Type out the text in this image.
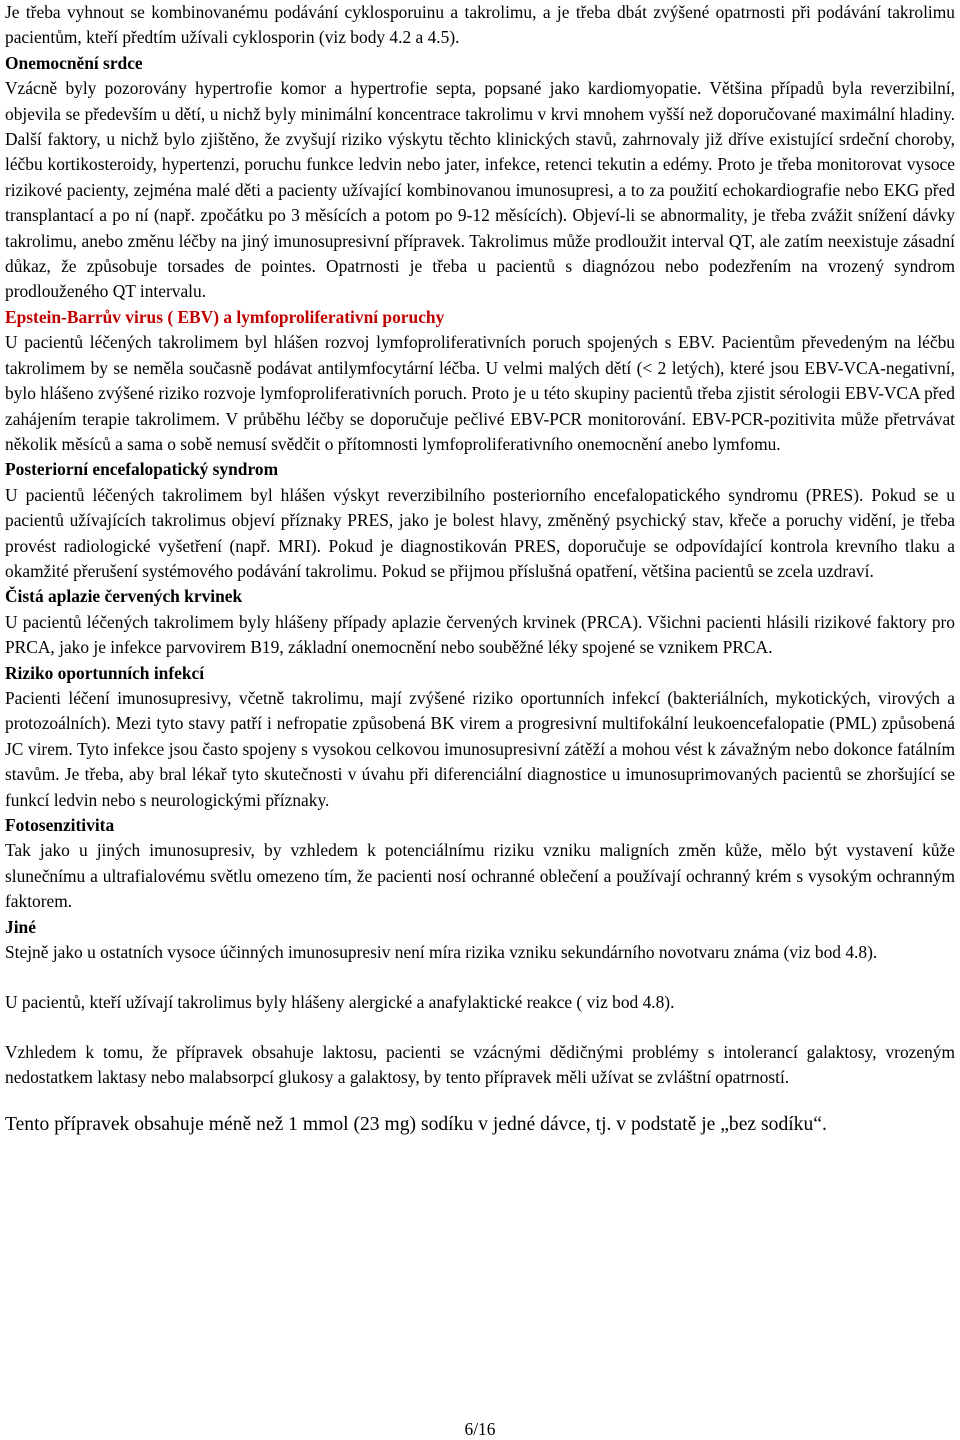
Je třeba vyhnout se kombinovanému podávání cyklosporuinu a takrolimu, a je třeba dbát zvýšené opatrnosti při podávání takrolimu pacientům, kteří předtím užívali cyklosporin (viz body 4.2 a 4.5).

Onemocnění srdce

Vzácně byly pozorovány hypertrofie komor a hypertrofie septa, popsané jako kardiomyopatie. Většina případů byla reverzibilní, objevila se především u dětí, u nichž byly minimální koncentrace takrolimu v krvi mnohem vyšší než doporučované maximální hladiny. Další faktory, u nichž bylo zjištěno, že zvyšují riziko výskytu těchto klinických stavů, zahrnovaly již dříve existující srdeční choroby, léčbu kortikosteroidy, hypertenzi, poruchu funkce ledvin nebo jater, infekce, retenci tekutin a edémy. Proto je třeba monitorovat vysoce rizikové pacienty, zejména malé děti a pacienty užívající kombinovanou imunosupresi, a to za použití echokardiografie nebo EKG před transplantací a po ní (např. zpočátku po 3 měsících a potom po 9-12 měsících). Objeví-li se abnormality, je třeba zvážit snížení dávky takrolimu, anebo změnu léčby na jiný imunosupresivní přípravek. Takrolimus může prodloužit interval QT, ale zatím neexistuje zásadní důkaz, že způsobuje torsades de pointes. Opatrnosti je třeba u pacientů s diagnózou nebo podezřením na vrozený syndrom prodlouženého QT intervalu.

Epstein-Barrův virus ( EBV) a lymfoproliferativní poruchy

U pacientů léčených takrolimem byl hlášen rozvoj lymfoproliferativních poruch spojených s EBV. Pacientům převedeným na léčbu takrolimem by se neměla současně podávat antilymfocytární léčba. U velmi malých dětí (< 2 letých), které jsou EBV-VCA-negativní, bylo hlášeno zvýšené riziko rozvoje lymfoproliferativních poruch. Proto je u této skupiny pacientů třeba zjistit sérologii EBV-VCA před zahájením terapie takrolimem. V průběhu léčby se doporučuje pečlivé EBV-PCR monitorování. EBV-PCR-pozitivita může přetrvávat několik měsíců a sama o sobě nemusí svědčit o přítomnosti lymfoproliferativního onemocnění anebo lymfomu.

Posteriorní encefalopatický syndrom

U pacientů léčených takrolimem byl hlášen výskyt reverzibilního posteriorního encefalopatického syndromu (PRES). Pokud se u pacientů užívajících takrolimus objeví příznaky PRES, jako je bolest hlavy, změněný psychický stav, křeče a poruchy vidění, je třeba provést radiologické vyšetření (např. MRI). Pokud je diagnostikován PRES, doporučuje se odpovídající kontrola krevního tlaku a okamžité přerušení systémového podávání takrolimu. Pokud se přijmou příslušná opatření, většina pacientů se zcela uzdraví.

Čistá aplazie červených krvinek

U pacientů léčených takrolimem byly hlášeny případy aplazie červených krvinek (PRCA). Všichni pacienti hlásili rizikové faktory pro PRCA, jako je infekce parvovirem B19, základní onemocnění nebo souběžné léky spojené se vznikem PRCA.

Riziko oportunních infekcí

Pacienti léčení imunosupresivy, včetně takrolimu, mají zvýšené riziko oportunních infekcí (bakteriálních, mykotických, virových a protozoálních). Mezi tyto stavy patří i nefropatie způsobená BK virem a progresivní multifokální leukoencefalopatie (PML) způsobená JC virem. Tyto infekce jsou často spojeny s vysokou celkovou imunosupresivní zátěží a mohou vést k závažným nebo dokonce fatálním stavům. Je třeba, aby bral lékař tyto skutečnosti v úvahu při diferenciální diagnostice u imunosuprimovaných pacientů se zhoršující se funkcí ledvin nebo s neurologickými příznaky.

Fotosenzitivita

Tak jako u jiných imunosupresiv, by vzhledem k potenciálnímu riziku vzniku maligních změn kůže, mělo být vystavení kůže slunečnímu a ultrafialovému světlu omezeno tím, že pacienti nosí ochranné oblečení a používají ochranný krém s vysokým ochranným faktorem.

Jiné

Stejně jako u ostatních vysoce účinných imunosupresiv není míra rizika vzniku sekundárního novotvaru známa (viz bod 4.8).

U pacientů, kteří užívají takrolimus byly hlášeny alergické a anafylaktické reakce ( viz bod 4.8).

Vzhledem k tomu, že přípravek obsahuje laktosu, pacienti se vzácnými dědičnými problémy s intolerancí galaktosy, vrozeným nedostatkem laktasy nebo malabsorpcí glukosy a galaktosy, by tento přípravek měli užívat se zvláštní opatrností.

Tento přípravek obsahuje méně než 1 mmol (23 mg) sodíku v jedné dávce, tj. v podstatě je „bez sodíku“.

6/16
